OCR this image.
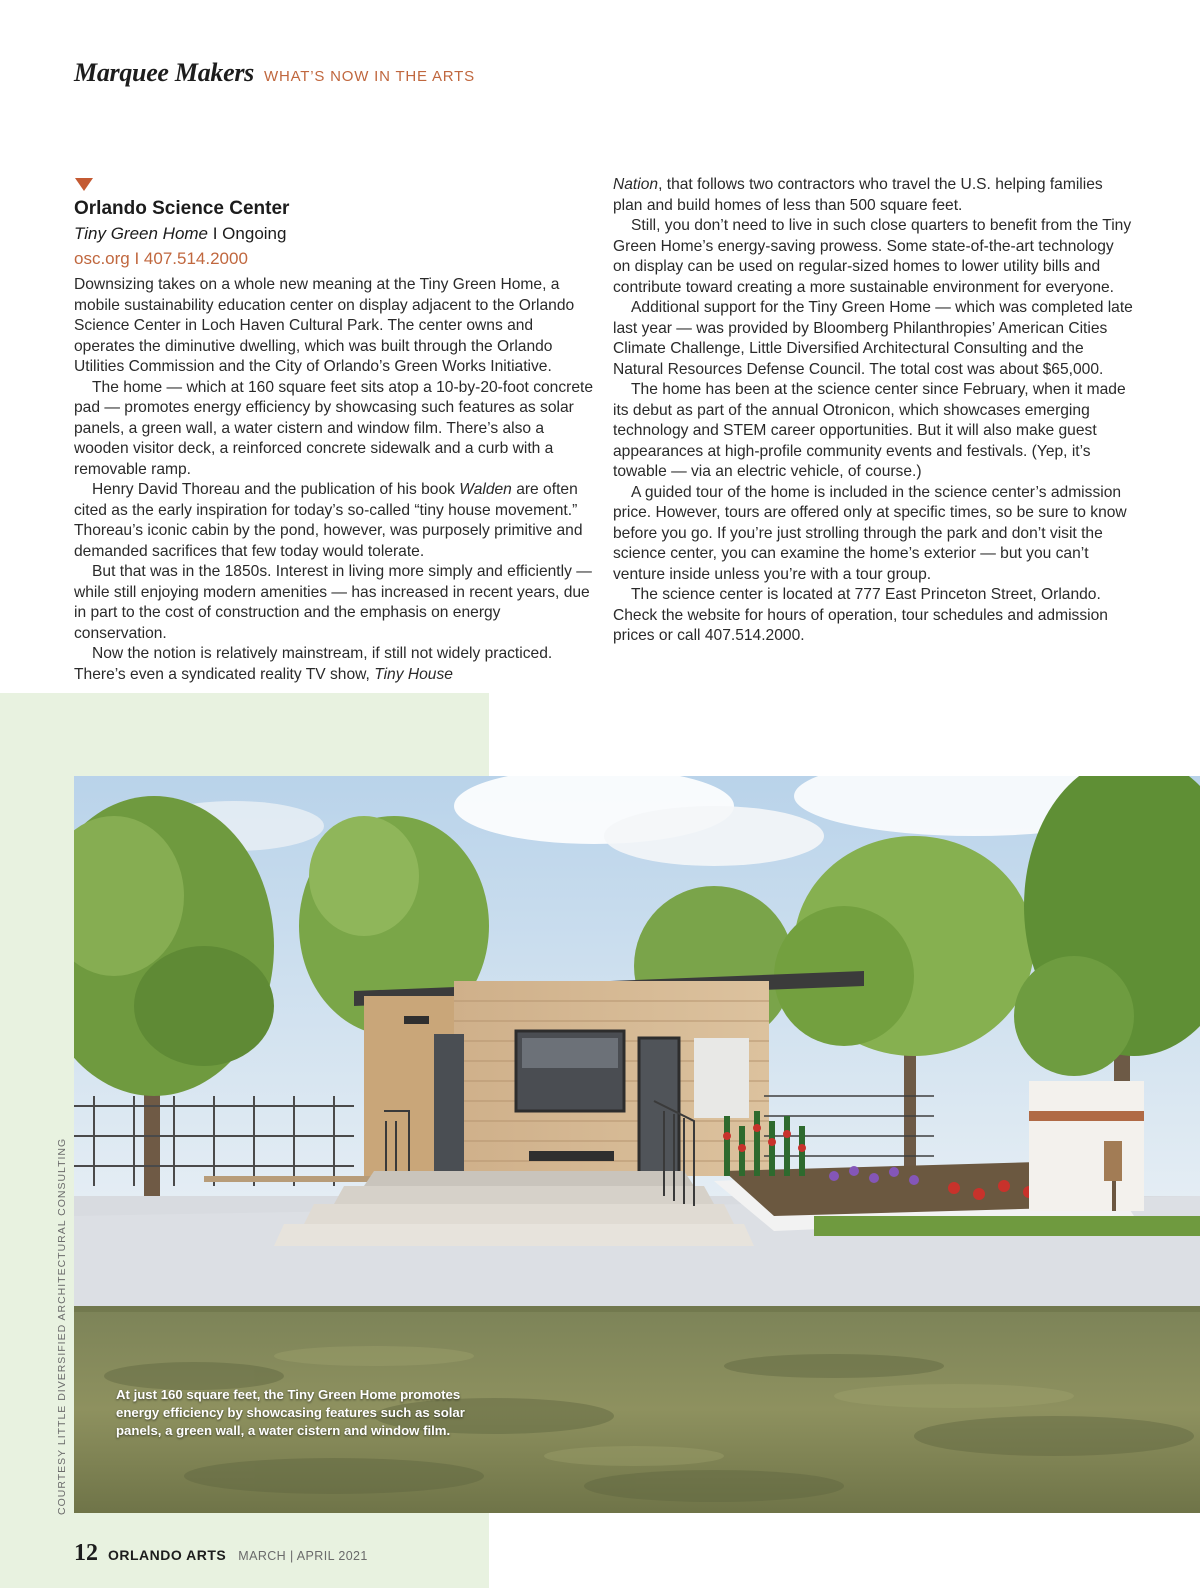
Marquee Makers WHAT’S NOW IN THE ARTS

Orlando Science Center

Tiny Green Home I Ongoing

osc.org I 407.514.2000

Downsizing takes on a whole new meaning at the Tiny Green Home, a mobile sustainability education center on display adjacent to the Orlando Science Center in Loch Haven Cultural Park. The center owns and operates the diminutive dwelling, which was built through the Orlando Utilities Commission and the City of Orlando’s Green Works Initiative.

The home — which at 160 square feet sits atop a 10-by-20-foot concrete pad — promotes energy efficiency by showcasing such features as solar panels, a green wall, a water cistern and window film. There’s also a wooden visitor deck, a reinforced concrete sidewalk and a curb with a removable ramp.

Henry David Thoreau and the publication of his book Walden are often cited as the early inspiration for today’s so-called “tiny house movement.” Thoreau’s iconic cabin by the pond, however, was purposely primitive and demanded sacrifices that few today would tolerate.

But that was in the 1850s. Interest in living more simply and efficiently — while still enjoying modern amenities — has increased in recent years, due in part to the cost of construction and the emphasis on energy conservation.

Now the notion is relatively mainstream, if still not widely practiced. There’s even a syndicated reality TV show, Tiny House

Nation, that follows two contractors who travel the U.S. helping families plan and build homes of less than 500 square feet.

Still, you don’t need to live in such close quarters to benefit from the Tiny Green Home’s energy-saving prowess. Some state-of-the-art technology on display can be used on regular-sized homes to lower utility bills and contribute toward creating a more sustainable environment for everyone.

Additional support for the Tiny Green Home — which was completed late last year — was provided by Bloomberg Philanthropies’ American Cities Climate Challenge, Little Diversified Architectural Consulting and the Natural Resources Defense Council. The total cost was about $65,000.

The home has been at the science center since February, when it made its debut as part of the annual Otronicon, which showcases emerging technology and STEM career opportunities. But it will also make guest appearances at high-profile community events and festivals. (Yep, it’s towable — via an electric vehicle, of course.)

A guided tour of the home is included in the science center’s admission price. However, tours are offered only at specific times, so be sure to know before you go. If you’re just strolling through the park and don’t visit the science center, you can examine the home’s exterior — but you can’t venture inside unless you’re with a tour group.

The science center is located at 777 East Princeton Street, Orlando. Check the website for hours of operation, tour schedules and admission prices or call 407.514.2000.

At just 160 square feet, the Tiny Green Home promotes energy efficiency by showcasing features such as solar panels, a green wall, a water cistern and window film.
COURTESY LITTLE DIVERSIFIED ARCHITECTURAL CONSULTING
12 ORLANDO ARTS MARCH | APRIL 2021
